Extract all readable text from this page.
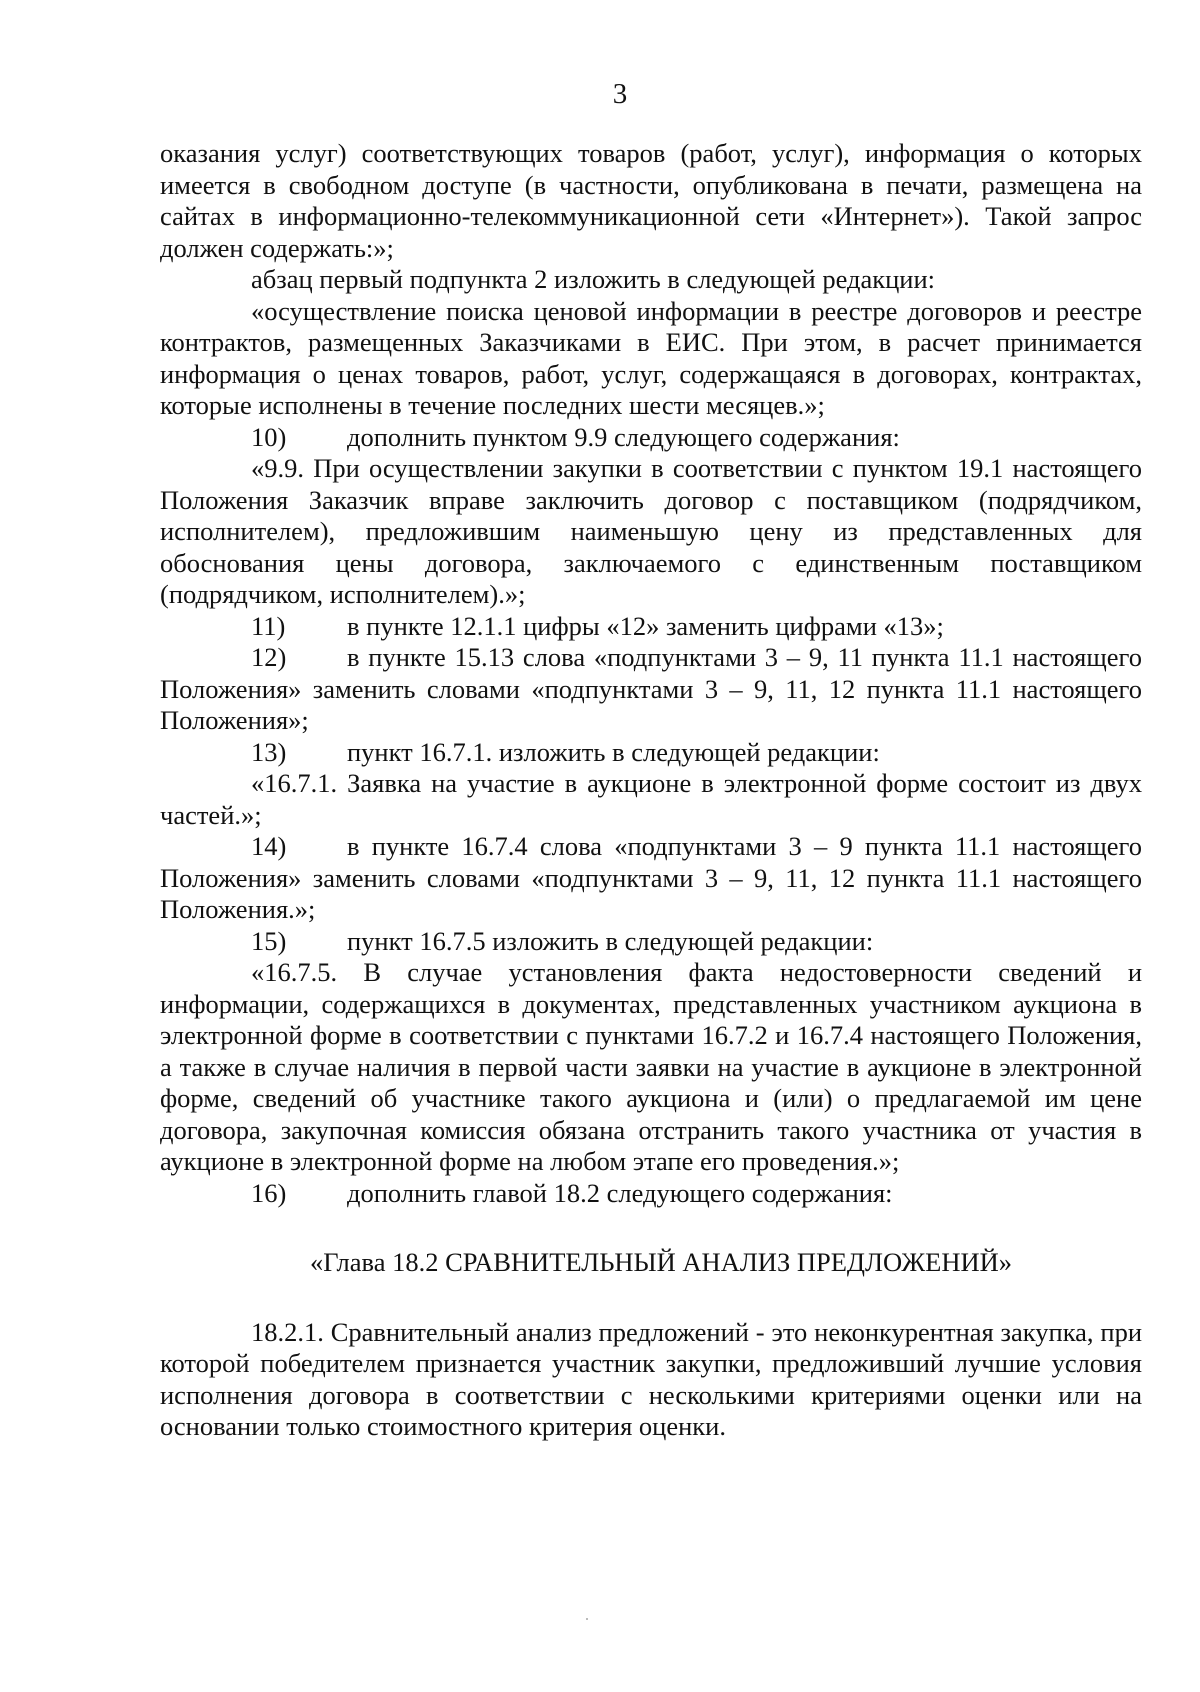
3

оказания услуг) соответствующих товаров (работ, услуг), информация о которых имеется в свободном доступе (в частности, опубликована в печати, размещена на сайтах в информационно-телекоммуникационной сети «Интернет»). Такой запрос должен содержать:»;

абзац первый подпункта 2 изложить в следующей редакции:

«осуществление поиска ценовой информации в реестре договоров и реестре контрактов, размещенных Заказчиками в ЕИС. При этом, в расчет принимается информация о ценах товаров, работ, услуг, содержащаяся в договорах, контрактах, которые исполнены в течение последних шести месяцев.»;

10)	дополнить пунктом 9.9 следующего содержания:

«9.9. При осуществлении закупки в соответствии с пунктом 19.1 настоящего Положения Заказчик вправе заключить договор с поставщиком (подрядчиком, исполнителем), предложившим наименьшую цену из представленных для обоснования цены договора, заключаемого с единственным поставщиком (подрядчиком, исполнителем).»;

11)	в пункте 12.1.1 цифры «12» заменить цифрами «13»;

12) в пункте 15.13 слова «подпунктами 3 – 9, 11 пункта 11.1 настоящего Положения» заменить словами «подпунктами 3 – 9, 11, 12 пункта 11.1 настоящего Положения»;

13)	пункт 16.7.1. изложить в следующей редакции:

«16.7.1. Заявка на участие в аукционе в электронной форме состоит из двух частей.»;

14) в пункте 16.7.4 слова «подпунктами 3 – 9 пункта 11.1 настоящего Положения» заменить словами «подпунктами 3 – 9, 11, 12 пункта 11.1 настоящего Положения.»;

15)	пункт 16.7.5 изложить в следующей редакции:

«16.7.5. В случае установления факта недостоверности сведений и информации, содержащихся в документах, представленных участником аукциона в электронной форме в соответствии с пунктами 16.7.2 и 16.7.4 настоящего Положения, а также в случае наличия в первой части заявки на участие в аукционе в электронной форме, сведений об участнике такого аукциона и (или) о предлагаемой им цене договора, закупочная комиссия обязана отстранить такого участника от участия в аукционе в электронной форме на любом этапе его проведения.»;

16)	дополнить главой 18.2 следующего содержания:

«Глава 18.2 СРАВНИТЕЛЬНЫЙ АНАЛИЗ ПРЕДЛОЖЕНИЙ»

18.2.1. Сравнительный анализ предложений - это неконкурентная закупка, при которой победителем признается участник закупки, предложивший лучшие условия исполнения договора в соответствии с несколькими критериями оценки или на основании только стоимостного критерия оценки.
